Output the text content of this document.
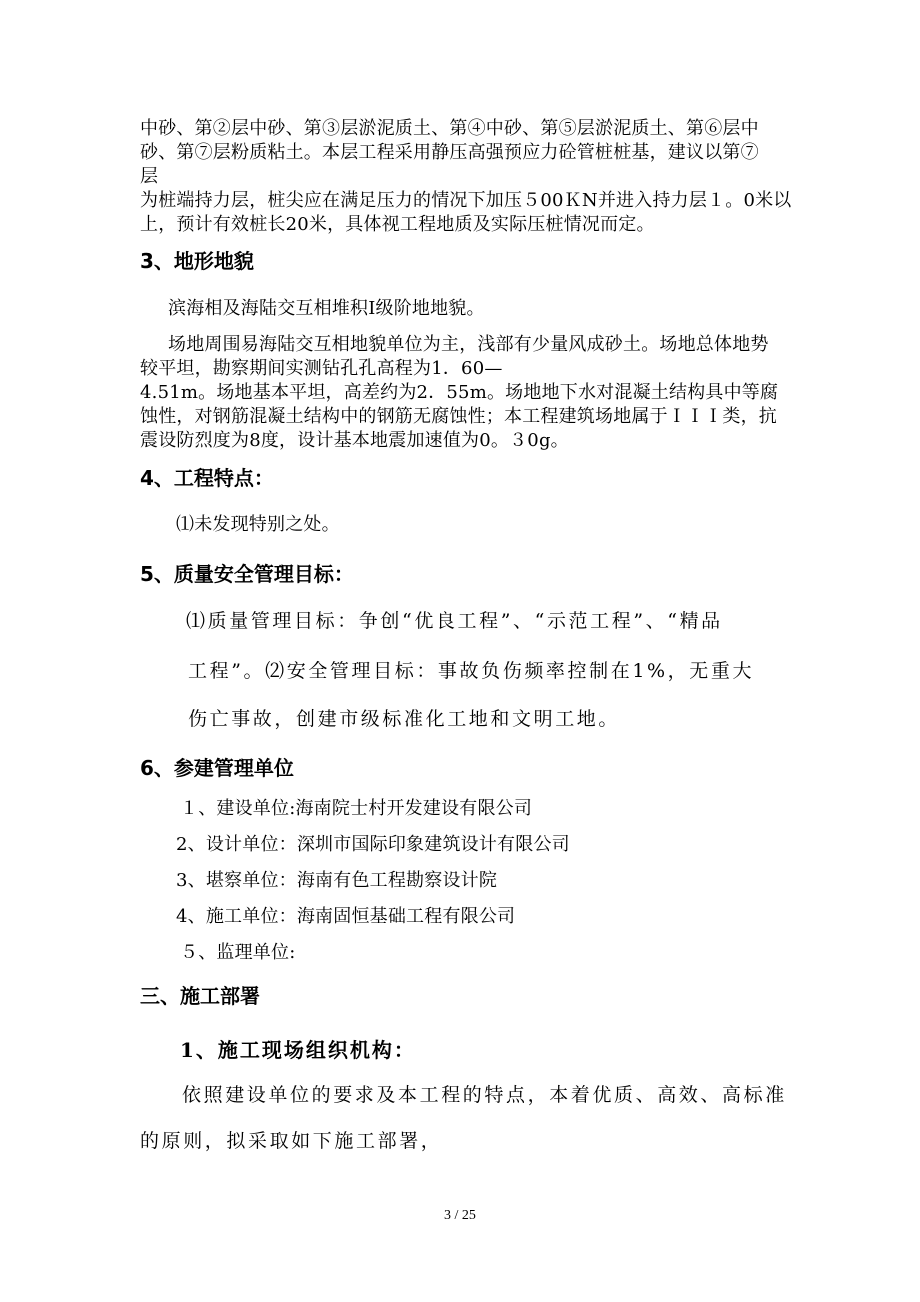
中砂、第②层中砂、第③层淤泥质土、第④中砂、第⑤层淤泥质土、第⑥层中
砂、第⑦层粉质粘土。本层工程采用静压高强预应力砼管桩桩基，建议以第⑦
层
为桩端持力层，桩尖应在满足压力的情况下加压５00ＫN并进入持力层１。0米以
上，预计有效桩长20米，具体视工程地质及实际压桩情况而定。
3、地形地貌
滨海相及海陆交互相堆积Ⅰ级阶地地貌。
场地周围易海陆交互相地貌单位为主，浅部有少量风成砂土。场地总体地势
较平坦，勘察期间实测钻孔孔高程为1．60—
4.51m。场地基本平坦，高差约为2．55m。场地地下水对混凝土结构具中等腐
蚀性，对钢筋混凝土结构中的钢筋无腐蚀性；本工程建筑场地属于ＩＩＩ类，抗
震设防烈度为8度，设计基本地震加速值为0。３0g。
4、工程特点：
⑴未发现特别之处。
5、质量安全管理目标：
⑴质量管理目标：争创“优良工程”、“示范工程”、“精品
工程”。⑵安全管理目标：事故负伤频率控制在1%，无重大
伤亡事故，创建市级标准化工地和文明工地。
6、参建管理单位
１、建设单位:海南院士村开发建设有限公司
2、设计单位：深圳市国际印象建筑设计有限公司
3、堪察单位：海南有色工程勘察设计院
4、施工单位：海南固恒基础工程有限公司
５、监理单位:
三、施工部署
1、施工现场组织机构：
依照建设单位的要求及本工程的特点，本着优质、高效、高标准
的原则，拟采取如下施工部署，
3 / 25
